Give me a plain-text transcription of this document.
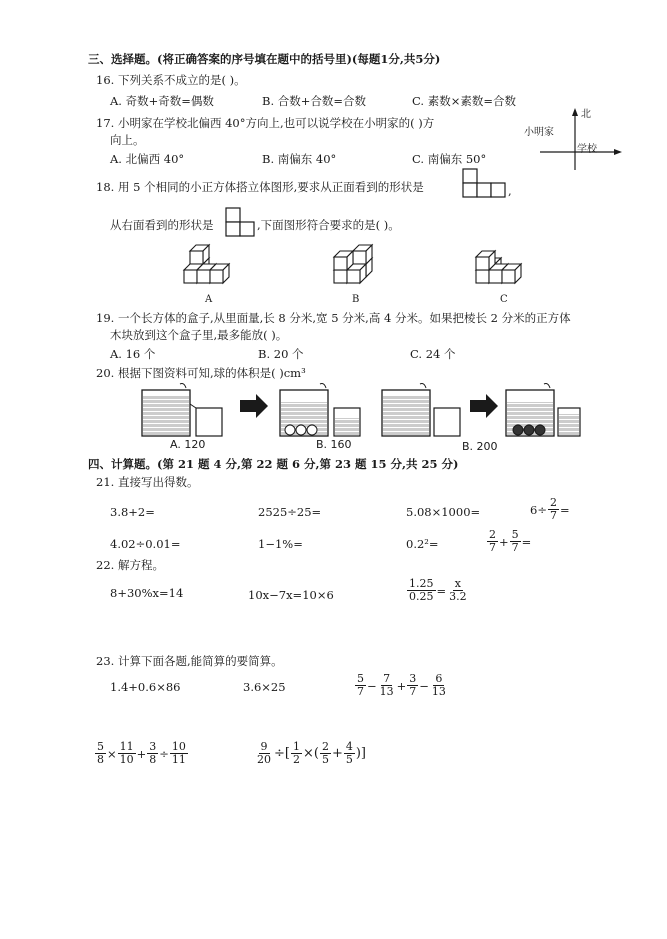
三、选择题。(将正确答案的序号填在题中的括号里)(每题1分,共5分)
16. 下列关系不成立的是( )。
A. 奇数+奇数=偶数	B. 合数+合数=合数	C. 素数×素数=合数
17. 小明家在学校北偏西 40°方向上,也可以说学校在小明家的( )方
向上。
A. 北偏西 40°	B. 南偏东 40°	C. 南偏东 50°
北
小明家
学校
18. 用 5 个相同的小正方体搭立体图形,要求从正面看到的形状是	,
从右面看到的形状是	,下面图形符合要求的是( )。
A	B	C
19. 一个长方体的盒子,从里面量,长 8 分米,宽 5 分米,高 4 分米。如果把棱长 2 分米的正方体
木块放到这个盒子里,最多能放( )。
A. 16 个	B. 20 个	C. 24 个
20. 根据下图资料可知, 球 的体积是( )cm³
A. 120	B. 160	B. 200
四、计算题。(第 21 题 4 分,第 22 题 6 分,第 23 题 15 分,共 25 分)
21. 直接写出得数。
3.8+2=	2525÷25=	5.08×1000=	$6\div \frac{2}{7}$ =
4.02÷0.01=	1−1%=	0.2²=	$\frac{2}{7} + \frac{5}{7}$ =
22. 解方程。
8+30%x=14	10x−7x=10×6	$\frac{1.25}{0.25} = \frac{x}{3.2}$
23. 计算下面各题,能简算的要简算。
1.4+0.6×86	3.6×25	$\frac{5}{7} - \frac{7}{13} + \frac{3}{7} - \frac{6}{13}$
$\frac{5}{8} \times \frac{11}{10} + \frac{3}{8} \div \frac{10}{11}$	$\frac{9}{20}$ ÷[ $\frac{1}{2}$ ×( $\frac{2}{5} + \frac{4}{5}$ )]
